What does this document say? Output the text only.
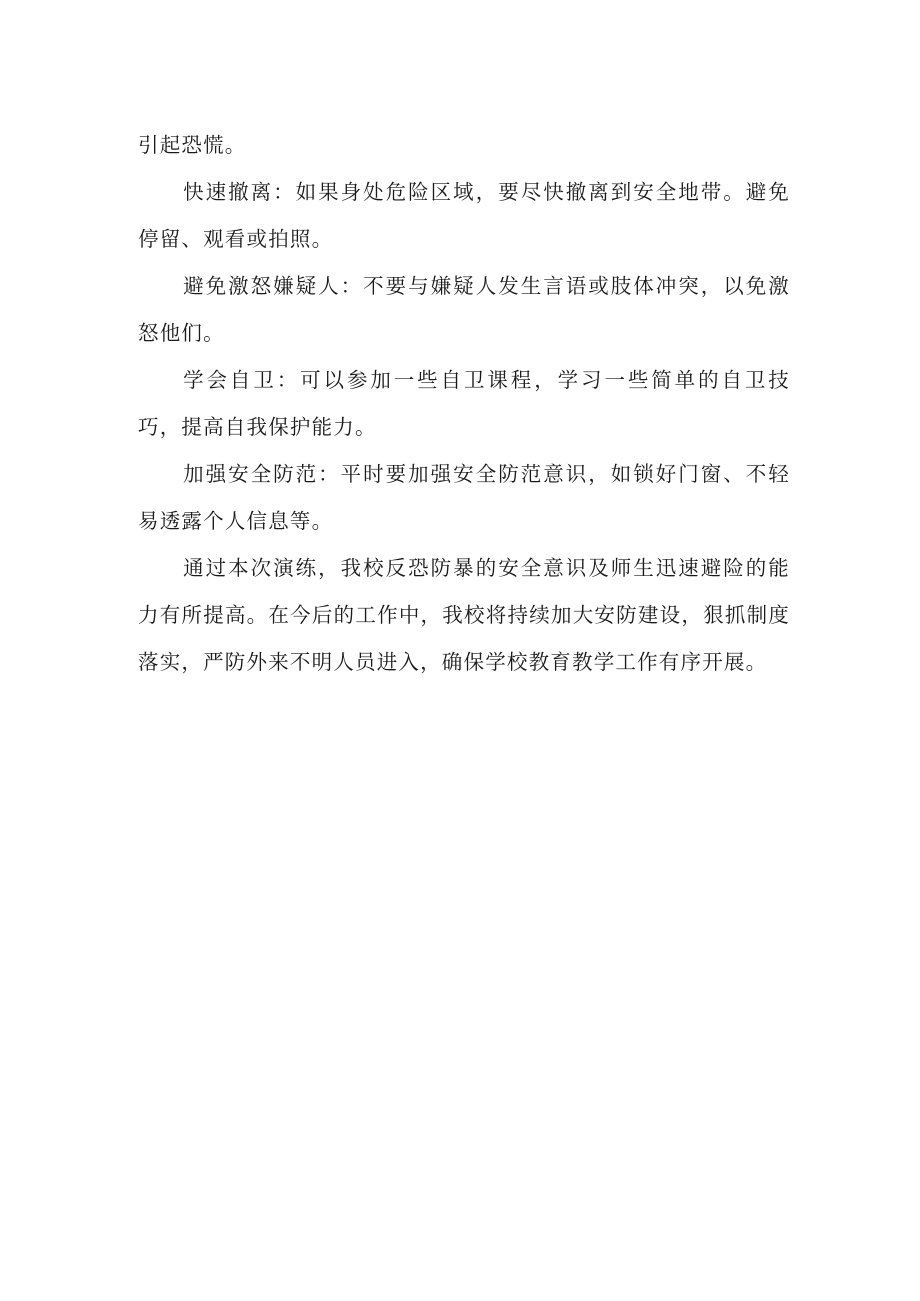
引起恐慌。

快速撤离：如果身处危险区域，要尽快撤离到安全地带。避免停留、观看或拍照。

避免激怒嫌疑人：不要与嫌疑人发生言语或肢体冲突，以免激怒他们。

学会自卫：可以参加一些自卫课程，学习一些简单的自卫技巧，提高自我保护能力。

加强安全防范：平时要加强安全防范意识，如锁好门窗、不轻易透露个人信息等。

通过本次演练，我校反恐防暴的安全意识及师生迅速避险的能力有所提高。在今后的工作中，我校将持续加大安防建设，狠抓制度落实，严防外来不明人员进入，确保学校教育教学工作有序开展。
